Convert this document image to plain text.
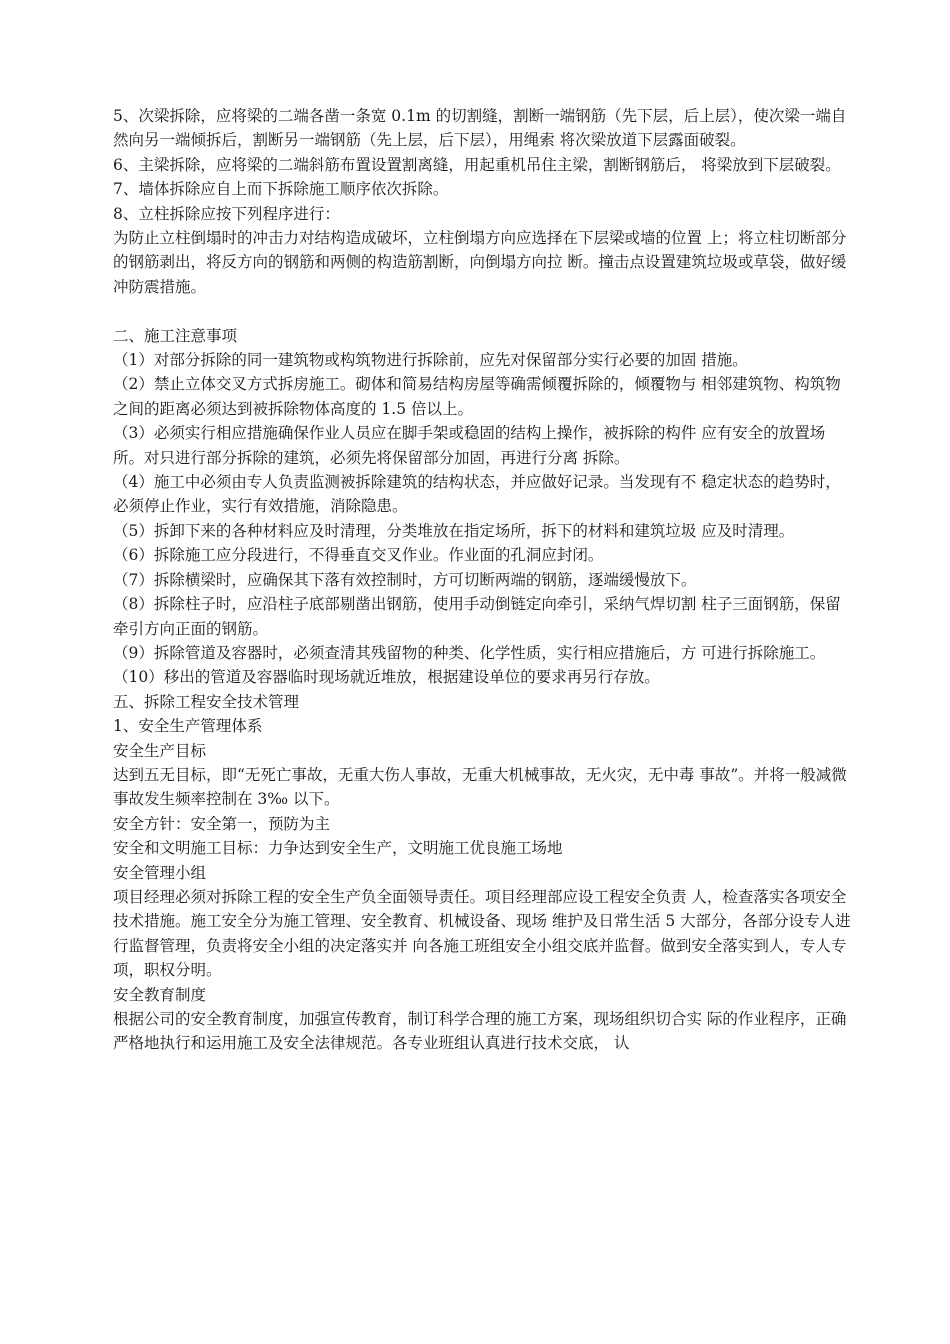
5、次梁拆除，应将梁的二端各凿一条宽 0.1m 的切割缝，割断一端钢筋（先下层，后上层），使次梁一端自然向另一端倾拆后，割断另一端钢筋（先上层，后下层），用绳索 将次梁放道下层露面破裂。

6、主梁拆除，应将梁的二端斜筋布置设置割离缝，用起重机吊住主梁，割断钢筋后， 将梁放到下层破裂。

7、墙体拆除应自上而下拆除施工顺序依次拆除。

8、立柱拆除应按下列程序进行：

为防止立柱倒塌时的冲击力对结构造成破坏，立柱倒塌方向应选择在下层梁或墙的位置 上；将立柱切断部分的钢筋剥出，将反方向的钢筋和两侧的构造筋割断，向倒塌方向拉 断。撞击点设置建筑垃圾或草袋，做好缓冲防震措施。

二、施工注意事项

（1）对部分拆除的同一建筑物或构筑物进行拆除前，应先对保留部分实行必要的加固 措施。

（2）禁止立体交叉方式拆房施工。砌体和简易结构房屋等确需倾覆拆除的，倾覆物与 相邻建筑物、构筑物之间的距离必须达到被拆除物体高度的 1.5 倍以上。

（3）必须实行相应措施确保作业人员应在脚手架或稳固的结构上操作，被拆除的构件 应有安全的放置场所。对只进行部分拆除的建筑，必须先将保留部分加固，再进行分离 拆除。

（4）施工中必须由专人负责监测被拆除建筑的结构状态，并应做好记录。当发现有不 稳定状态的趋势时，必须停止作业，实行有效措施，消除隐患。

（5）拆卸下来的各种材料应及时清理，分类堆放在指定场所，拆下的材料和建筑垃圾 应及时清理。

（6）拆除施工应分段进行，不得垂直交叉作业。作业面的孔洞应封闭。

（7）拆除横梁时，应确保其下落有效控制时，方可切断两端的钢筋，逐端缓慢放下。

（8）拆除柱子时，应沿柱子底部剔凿出钢筋，使用手动倒链定向牵引，采纳气焊切割 柱子三面钢筋，保留牵引方向正面的钢筋。

（9）拆除管道及容器时，必须查清其残留物的种类、化学性质，实行相应措施后，方 可进行拆除施工。

（10）移出的管道及容器临时现场就近堆放，根据建设单位的要求再另行存放。

五、拆除工程安全技术管理

1、安全生产管理体系

安全生产目标

达到五无目标，即“无死亡事故，无重大伤人事故，无重大机械事故，无火灾，无中毒 事故”。并将一般减微事故发生频率控制在 3‰ 以下。

安全方针：安全第一，预防为主

安全和文明施工目标：力争达到安全生产，文明施工优良施工场地

安全管理小组

项目经理必须对拆除工程的安全生产负全面领导责任。项目经理部应设工程安全负责 人，检查落实各项安全技术措施。施工安全分为施工管理、安全教育、机械设备、现场 维护及日常生活 5 大部分，各部分设专人进行监督管理，负责将安全小组的决定落实并 向各施工班组安全小组交底并监督。做到安全落实到人，专人专项，职权分明。

安全教育制度

根据公司的安全教育制度，加强宣传教育，制订科学合理的施工方案，现场组织切合实 际的作业程序，正确严格地执行和运用施工及安全法律规范。各专业班组认真进行技术交底， 认
